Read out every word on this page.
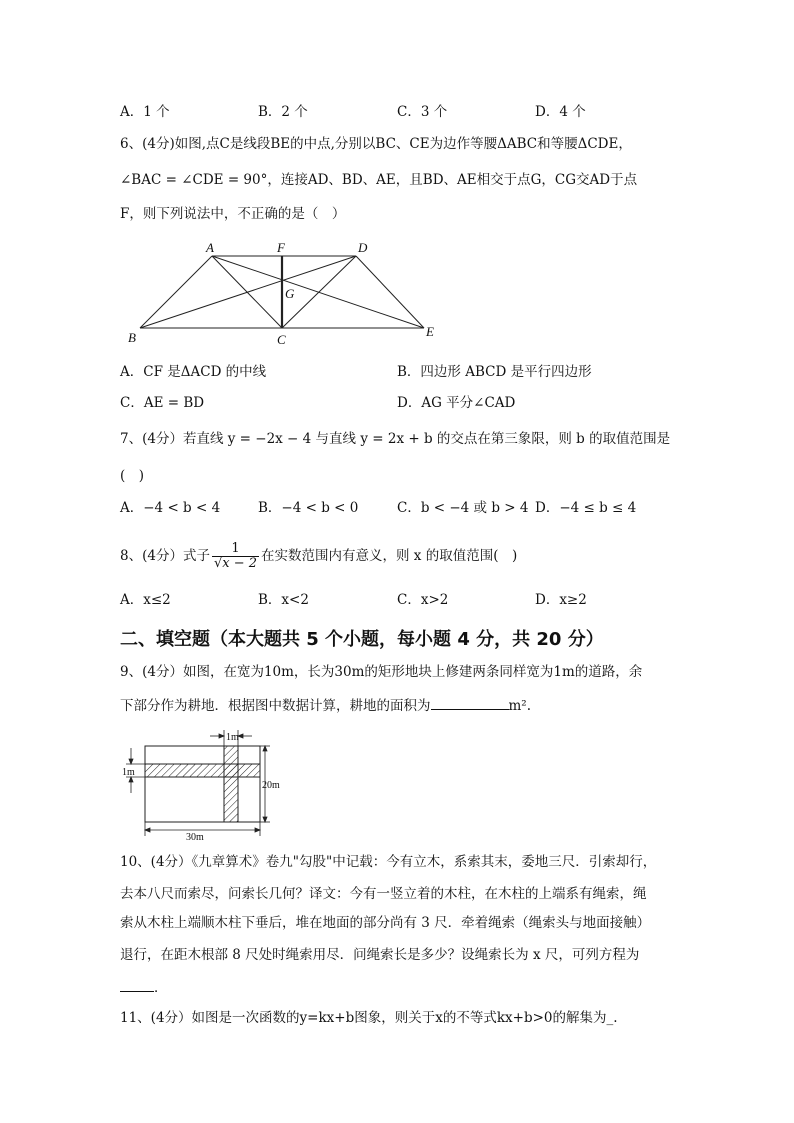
A．1 个	B．2 个	C．3 个	D．4 个
6、(4分)如图,点C是线段BE的中点,分别以BC、CE为边作等腰ΔABC和等腰ΔCDE，
∠BAC = ∠CDE = 90°，连接AD、BD、AE，且BD、AE相交于点G，CG交AD于点
F，则下列说法中，不正确的是（　）
A	F	D
G
B	C
E
A．CF 是ΔACD 的中线	B．四边形 ABCD 是平行四边形
C．AE = BD	D．AG 平分∠CAD
7、(4分）若直线 y = −2x − 4 与直线 y = 2x + b 的交点在第三象限，则 b 的取值范围是
(　)
A．−4 < b < 4	B．−4 < b < 0	C．b < −4 或 b > 4 D．−4 ≤ b ≤ 4
8、(4分）式子 $\frac{1}{√x - 2}$ 在实数范围内有意义，则 x 的取值范围(　)
A．x≤2	B．x<2	C．x>2	D．x≥2
二、填空题（本大题共 5 个小题，每小题 4 分，共 20 分）
9、(4分）如图，在宽为10m，长为30m的矩形地块上修建两条同样宽为1m的道路，余
下部分作为耕地．根据图中数据计算，耕地的面积为	m².
1m
1m
20m
30m
10、(4分）《九章算术》卷九"勾股"中记载：今有立木，系索其末，委地三尺．引索却行，
去本八尺而索尽，问索长几何？译文：今有一竖立着的木柱，在木柱的上端系有绳索，绳
索从木柱上端顺木柱下垂后，堆在地面的部分尚有 3 尺．牵着绳索（绳索头与地面接触）
退行，在距木根部 8 尺处时绳索用尽．问绳索长是多少？设绳索长为 x 尺，可列方程为
．
11、(4分）如图是一次函数的y=kx+b图象，则关于x的不等式kx+b>0的解集为_.
